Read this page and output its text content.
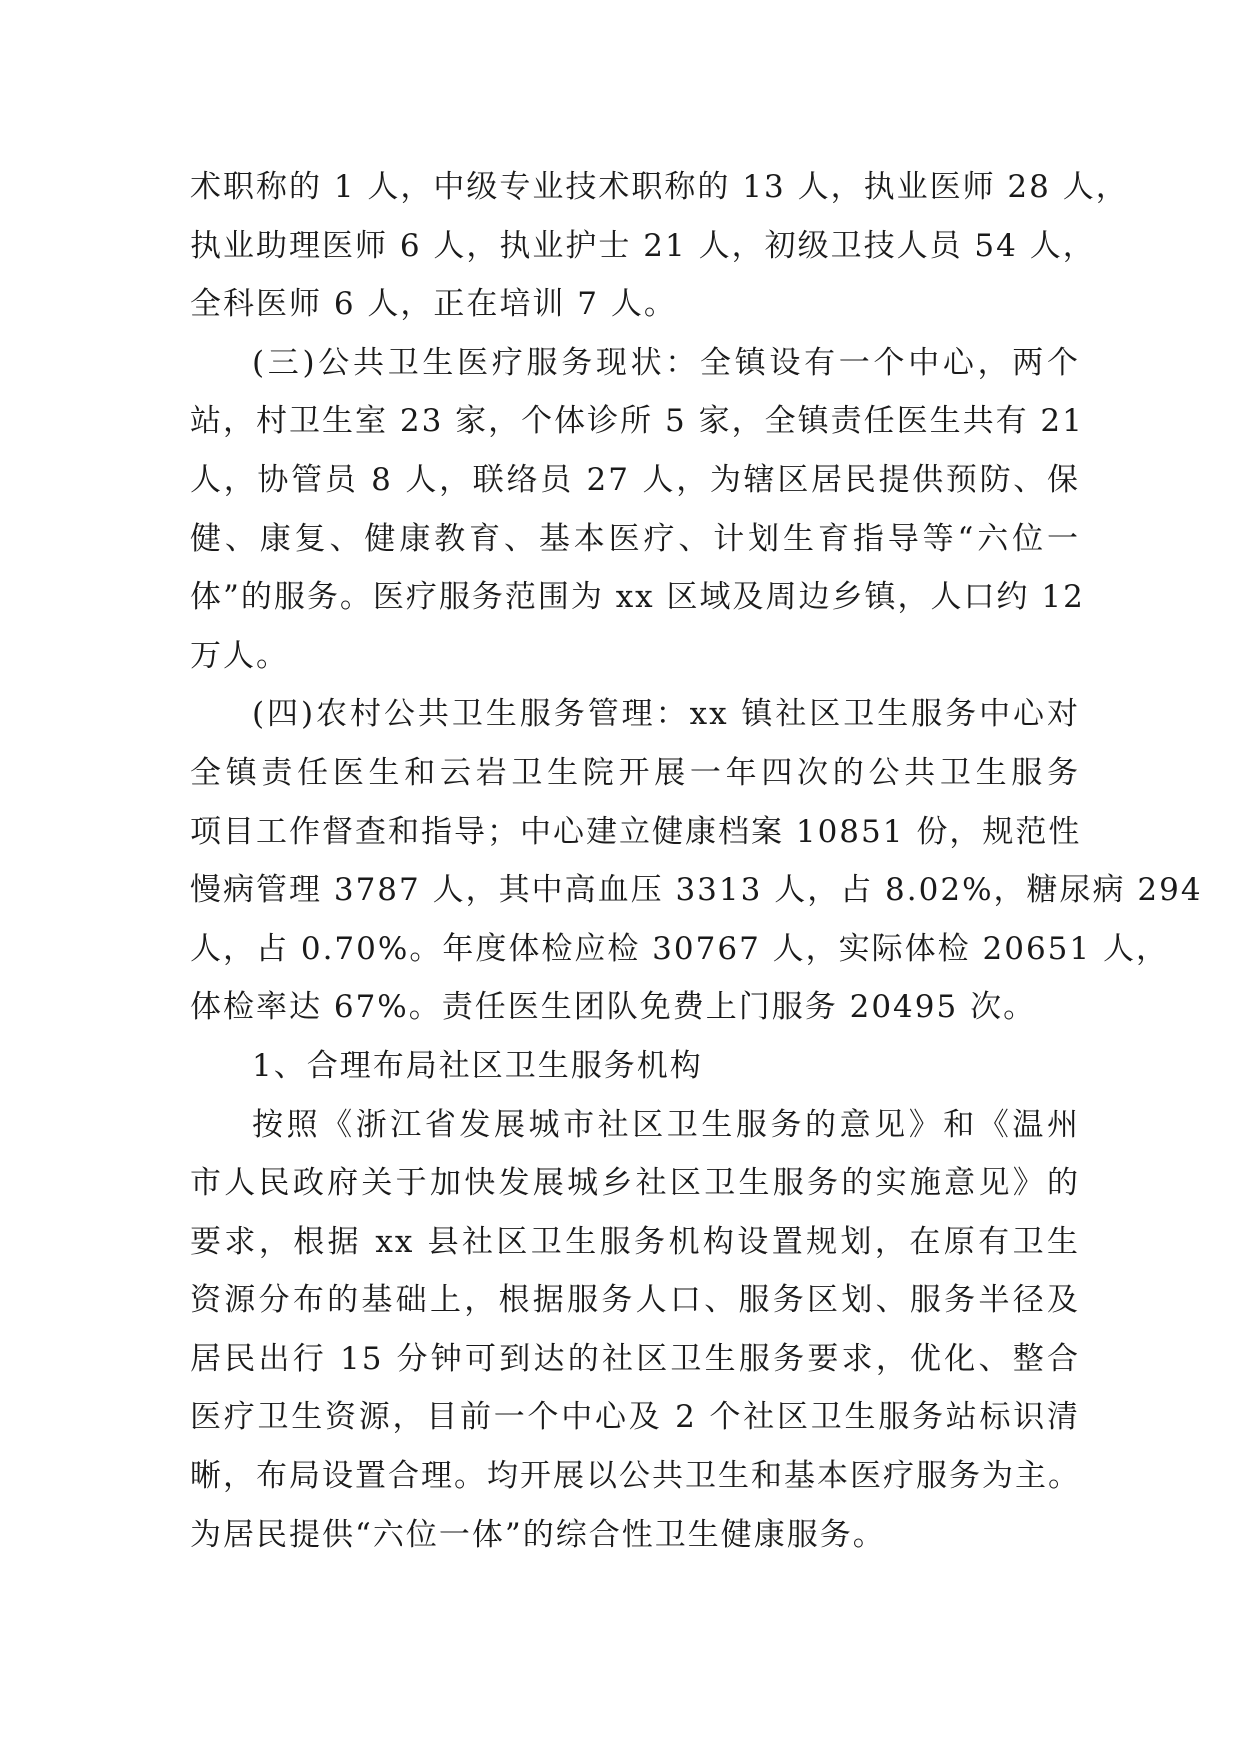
术职称的 1 人，中级专业技术职称的 13 人，执业医师 28 人，
执业助理医师 6 人，执业护士 21 人，初级卫技人员 54 人，
全科医师 6 人，正在培训 7 人。
(三)公共卫生医疗服务现状：全镇设有一个中心，两个
站，村卫生室 23 家，个体诊所 5 家，全镇责任医生共有 21
人，协管员 8 人，联络员 27 人，为辖区居民提供预防、保
健、康复、健康教育、基本医疗、计划生育指导等“六位一
体”的服务。医疗服务范围为 xx 区域及周边乡镇，人口约 12
万人。
(四)农村公共卫生服务管理：xx 镇社区卫生服务中心对
全镇责任医生和云岩卫生院开展一年四次的公共卫生服务
项目工作督查和指导；中心建立健康档案 10851 份，规范性
慢病管理 3787 人，其中高血压 3313 人，占 8.02%，糖尿病 294
人，占 0.70%。年度体检应检 30767 人，实际体检 20651 人，
体检率达 67%。责任医生团队免费上门服务 20495 次。
1、合理布局社区卫生服务机构
按照《浙江省发展城市社区卫生服务的意见》和《温州
市人民政府关于加快发展城乡社区卫生服务的实施意见》的
要求，根据 xx 县社区卫生服务机构设置规划，在原有卫生
资源分布的基础上，根据服务人口、服务区划、服务半径及
居民出行 15 分钟可到达的社区卫生服务要求，优化、整合
医疗卫生资源，目前一个中心及 2 个社区卫生服务站标识清
晰，布局设置合理。均开展以公共卫生和基本医疗服务为主。
为居民提供“六位一体”的综合性卫生健康服务。
